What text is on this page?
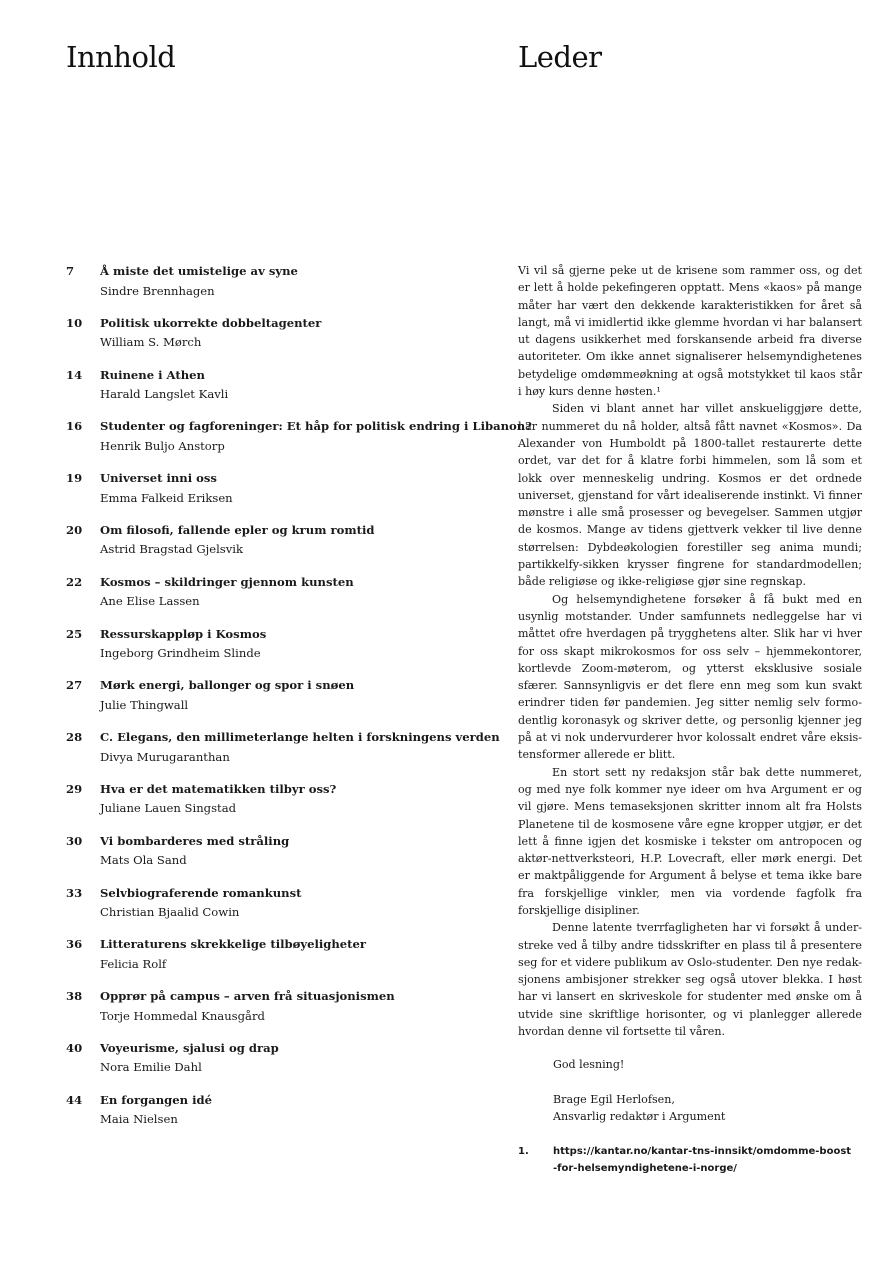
Innhold
7 Å miste det umistelige av syne
Sindre Brennhagen
10 Politisk ukorrekte dobbeltagenter
William S. Mørch
14 Ruinene i Athen
Harald Langslet Kavli
16 Studenter og fagforeninger: Et håp for politisk endring i Libanon?
Henrik Buljo Anstorp
19 Universet inni oss
Emma Falkeid Eriksen
20 Om filosofi, fallende epler og krum romtid
Astrid Bragstad Gjelsvik
22 Kosmos – skildringer gjennom kunsten
Ane Elise Lassen
25 Ressurskappløp i Kosmos
Ingeborg Grindheim Slinde
27 Mørk energi, ballonger og spor i snøen
Julie Thingwall
28 C. Elegans, den millimeterlange helten i forskningens verden
Divya Murugaranthan
29 Hva er det matematikken tilbyr oss?
Juliane Lauen Singstad
30 Vi bombarderes med stråling
Mats Ola Sand
33 Selvbiograferende romankunst
Christian Bjaalid Cowin
36 Litteraturens skrekkelige tilbøyeligheter
Felicia Rolf
38 Opprør på campus – arven frå situasjonismen
Torje Hommedal Knausgård
40 Voyeurisme, sjalusi og drap
Nora Emilie Dahl
44 En forgangen idé
Maia Nielsen
Leder

Vi vil så gjerne peke ut de krisene som rammer oss, og det er lett å holde pekefingeren opptatt. Mens «kaos» på mange måter har vært den dekkende karakteristikken for året så langt, må vi imidlertid ikke glemme hvordan vi har balansert ut dagens usikkerhet med forskansende arbeid fra diverse autoriteter. Om ikke annet signaliserer helsemyndighetenes betydelige omdømmeøkning at også motstykket til kaos står i høy kurs denne høsten.¹

Siden vi blant annet har villet anskueliggjøre dette, har nummeret du nå holder, altså fått navnet «Kosmos». Da Alexander von Humboldt på 1800-tallet restaurerte dette ordet, var det for å klatre forbi himmelen, som lå som et lokk over menneskelig undring. Kosmos er det ordnede universet, gjenstand for vårt idealiserende instinkt. Vi finner mønstre i alle små prosesser og bevegelser. Sammen utgjør de kosmos. Mange av tidens gjettverk vekker til live denne størrelsen: Dybdeøkologien forestiller seg anima mundi; partikkelfy-sikken krysser fingrene for standardmodellen; både religiøse og ikke-religiøse gjør sine regnskap.

Og helsemyndighetene forsøker å få bukt med en usynlig motstander. Under samfunnets nedleggelse har vi måttet ofre hverdagen på trygghetens alter. Slik har vi hver for oss skapt mikrokosmos for oss selv – hjemmekontorer, kortlevde Zoom-møterom, og ytterst eksklusive sosiale sfærer. Sannsynligvis er det flere enn meg som kun svakt erindrer tiden før pandemien. Jeg sitter nemlig selv formo-dentlig koronasyk og skriver dette, og personlig kjenner jeg på at vi nok undervurderer hvor kolossalt endret våre eksis-tensformer allerede er blitt.

En stort sett ny redaksjon står bak dette nummeret, og med nye folk kommer nye ideer om hva Argument er og vil gjøre. Mens temaseksjonen skritter innom alt fra Holsts Planetene til de kosmosene våre egne kropper utgjør, er det lett å finne igjen det kosmiske i tekster om antropocen og aktør-nettverksteori, H.P. Lovecraft, eller mørk energi. Det er maktpåliggende for Argument å belyse et tema ikke bare fra forskjellige vinkler, men via vordende fagfolk fra forskjellige disipliner.

Denne latente tverrfagligheten har vi forsøkt å under-streke ved å tilby andre tidsskrifter en plass til å presentere seg for et videre publikum av Oslo-studenter. Den nye redak-sjonens ambisjoner strekker seg også utover blekka. I høst har vi lansert en skriveskole for studenter med ønske om å utvide sine skriftlige horisonter, og vi planlegger allerede hvordan denne vil fortsette til våren.

God lesning!
Brage Egil Herlofsen,
Ansvarlig redaktør i Argument
1. https://kantar.no/kantar-tns-innsikt/omdomme-boost-for-helsemyndighetene-i-norge/
